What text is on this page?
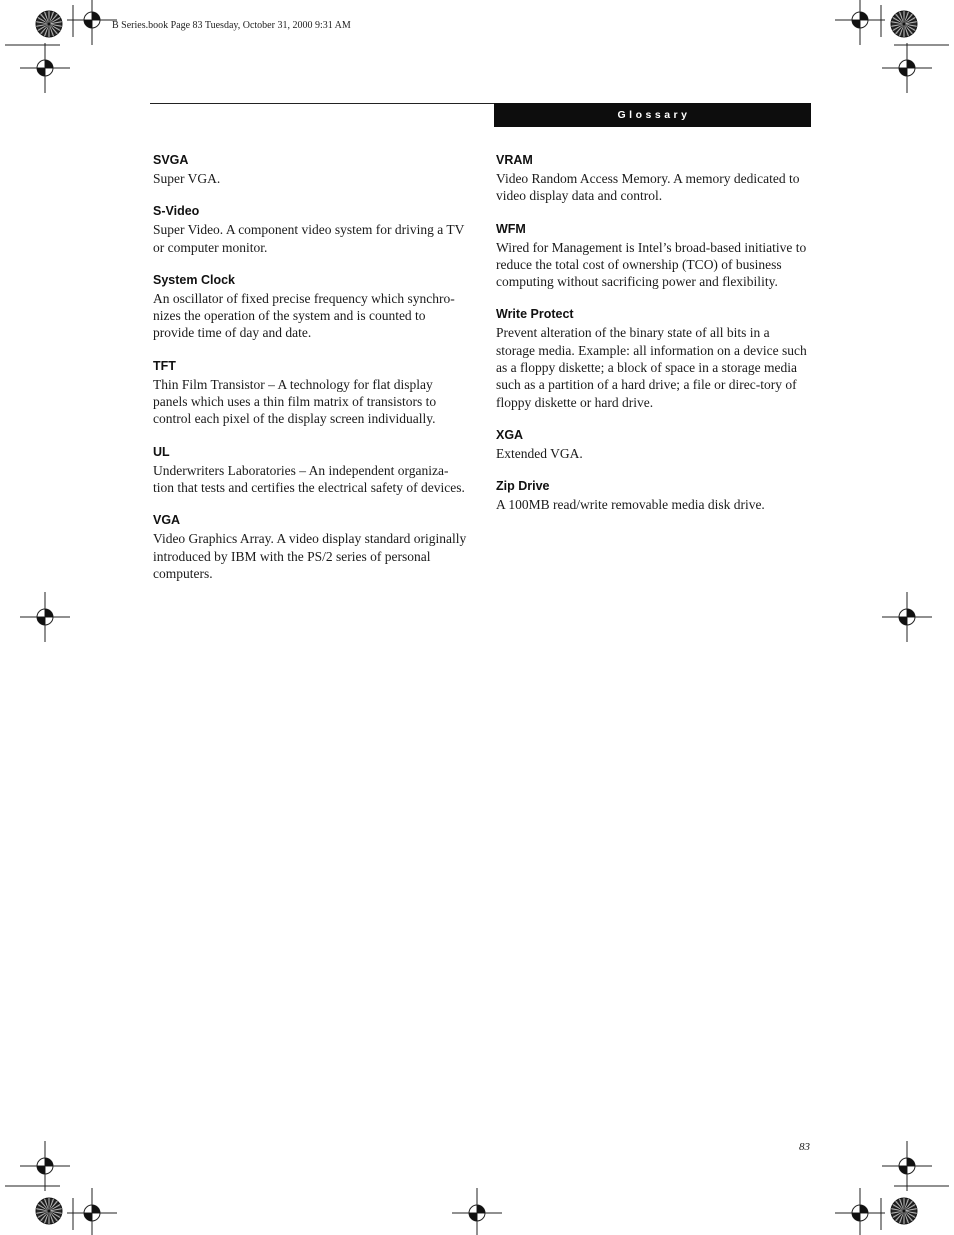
B Series.book Page 83 Tuesday, October 31, 2000 9:31 AM
Glossary

SVGA

Super VGA.

S-Video

Super Video. A component video system for driving a TV or computer monitor.

System Clock

An oscillator of fixed precise frequency which synchro-nizes the operation of the system and is counted to provide time of day and date.

TFT

Thin Film Transistor – A technology for flat display panels which uses a thin film matrix of transistors to control each pixel of the display screen individually.

UL

Underwriters Laboratories – An independent organiza-tion that tests and certifies the electrical safety of devices.

VGA

Video Graphics Array. A video display standard originally introduced by IBM with the PS/2 series of personal computers.

VRAM

Video Random Access Memory. A memory dedicated to video display data and control.

WFM

Wired for Management is Intel’s broad-based initiative to reduce the total cost of ownership (TCO) of business computing without sacrificing power and flexibility.

Write Protect

Prevent alteration of the binary state of all bits in a storage media. Example: all information on a device such as a floppy diskette; a block of space in a storage media such as a partition of a hard drive; a file or direc-tory of floppy diskette or hard drive.

XGA

Extended VGA.

Zip Drive

A 100MB read/write removable media disk drive.

83
